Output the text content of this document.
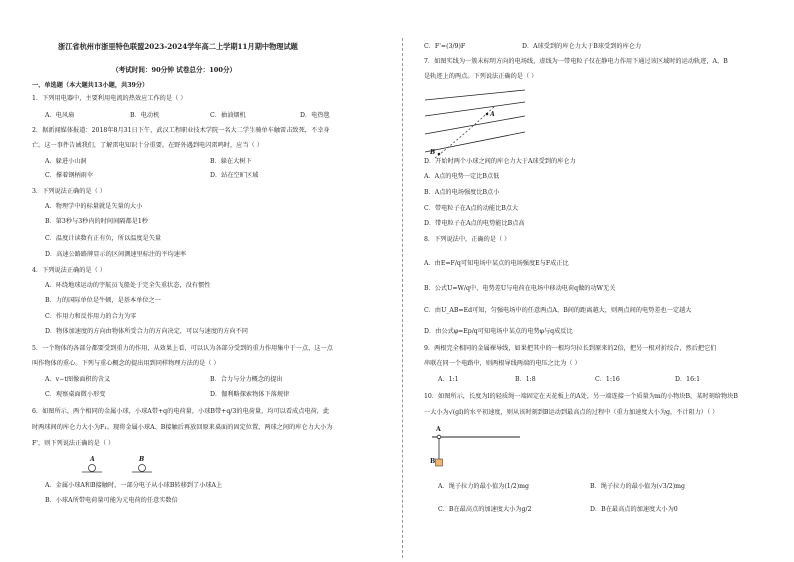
浙江省杭州市浙里特色联盟2023-2024学年高二上学期11月期中物理试题
（考试时间：90分钟 试卷总分：100分）
一、单选题（本大题共13小题，共39分）
1．下列用电器中，主要利用电流的热效应工作的是（ ）
A．电风扇	B．电动机	C．抽油烟机	D．电热毯
2．据新闻媒体报道：2018年8月31日下午，武汉工程职业技术学院一名大二学生骑单车触雷击致死，不幸身
亡。这一事件告诫我们，了解雷电知识十分重要。在野外遇到电闪雷鸣时，应当（ ）
A．躲进小山洞	B．躲在大树下
C．撑着钢柄雨伞	D．站在空旷区域
3．下列说法正确的是（ ）
A．物理学中的标量就是矢量的大小
B．第3秒与3秒内的时间间隔都是1秒
C．温度计读数有正有负，所以温度是矢量
D．高速公路路牌显示的区间测速里标注的平均速率
4．下列说法正确的是（ ）
A．环绕地球运动的宇航员飞船处于完全失重状态，没有惯性
B．力的国际单位是牛顿，是基本单位之一
C．作用力和反作用力的合力为零
D．物体加速度的方向由物体所受合力的方向决定，可以与速度的方向不同
5．一个物体的各部分都要受到重力的作用，从效果上看，可以认为各部分受到的重力作用集中于一点，这一点
叫作物体的重心。下列与重心概念的提出用到同样物理方法的是（ ）
A．v−t图像面积的含义	B．合力与分力概念的提出
C．观察桌面微小形变	D．伽利略探索物体下落规律
6．如图所示，两个相同的金属小球，小球A带+q的电荷量，小球B带+q/3的电荷量，均可以看成点电荷，此
时两球间的库仑力大小为F₁。现将金属小球A、B接触后再放回原来桌面的固定位置，两球之间的库仑力大小为
F'，则下列说法正确的是（ ）
A	B
A．金属小球A和B接触时，一部分电子从小球B转移到了小球A上
B．小球A所带电荷量可能为元电荷的任意实数倍
C．F'=(3/9)F	D．A球受到的库仑力大于B球受到的库仑力
7．如图实线为一簇未标明方向的电场线，虚线为一带电粒子仅在静电力作用下通过该区域时的运动轨迹，A、B
是轨迹上的两点。下列说法正确的是（ ）
A
B
D．开始时两个小球之间的库仑力大于A球受到的库仑力
A．A点的电势一定比B点低
B．A点的电场强度比B点小
C．带电粒子在A点的动能比B点大
D．带电粒子在A点的电势能比B点高
8．下列说法中，正确的是（ ）
A．由E=F/q可知电场中某点的电场强度E与F成正比
B．公式U=W/q中，电势差U与电荷在电场中移动电荷q做的功W无关
C．由U_AB=Ed可知，匀强电场中的任意两点A、B间的距离越大，则两点间的电势差也一定越大
D．由公式φ=Ep/q可知电场中某点的电势φ与q成反比
9．两根完全相同的金属裸导线，如果把其中的一根均匀拉长到原来的2倍，把另一根对折绞合，然后把它们
串联在同一个电路中，则两根导线两端的电压之比为（ ）
A．1:1	B．1:8	C．1:16	D．16:1
10．如图所示，长度为l的轻质绳一端固定在天花板上的A处，另一端连接一个质量为m的小物块B，某时刻给物块B
一大小为√(gl)的水平初速度，则从该时刻到B运动到最高点的过程中（重力加速度大小为g，不计阻力）（ ）
A
B
A．绳子拉力的最小值为(1/2)mg	B．绳子拉力的最小值为(√3/2)mg
C．B在最高点的加速度大小为g/2	D．B在最高点的加速度大小为0
